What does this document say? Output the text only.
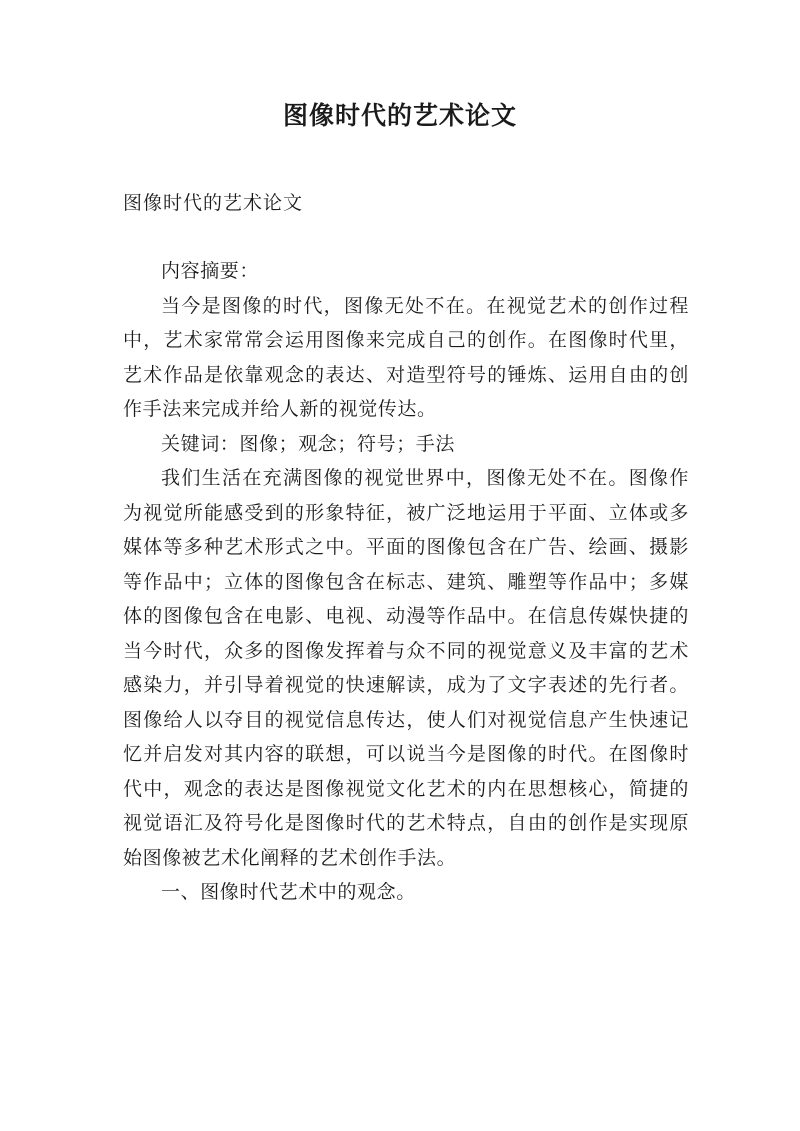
图像时代的艺术论文
图像时代的艺术论文

内容摘要：

当今是图像的时代，图像无处不在。在视觉艺术的创作过程中，艺术家常常会运用图像来完成自己的创作。在图像时代里，艺术作品是依靠观念的表达、对造型符号的锤炼、运用自由的创作手法来完成并给人新的视觉传达。

关键词：图像；观念；符号；手法

我们生活在充满图像的视觉世界中，图像无处不在。图像作为视觉所能感受到的形象特征，被广泛地运用于平面、立体或多媒体等多种艺术形式之中。平面的图像包含在广告、绘画、摄影等作品中；立体的图像包含在标志、建筑、雕塑等作品中；多媒体的图像包含在电影、电视、动漫等作品中。在信息传媒快捷的当今时代，众多的图像发挥着与众不同的视觉意义及丰富的艺术感染力，并引导着视觉的快速解读，成为了文字表述的先行者。图像给人以夺目的视觉信息传达，使人们对视觉信息产生快速记忆并启发对其内容的联想，可以说当今是图像的时代。在图像时代中，观念的表达是图像视觉文化艺术的内在思想核心，简捷的视觉语汇及符号化是图像时代的艺术特点，自由的创作是实现原始图像被艺术化阐释的艺术创作手法。

一、图像时代艺术中的观念。
